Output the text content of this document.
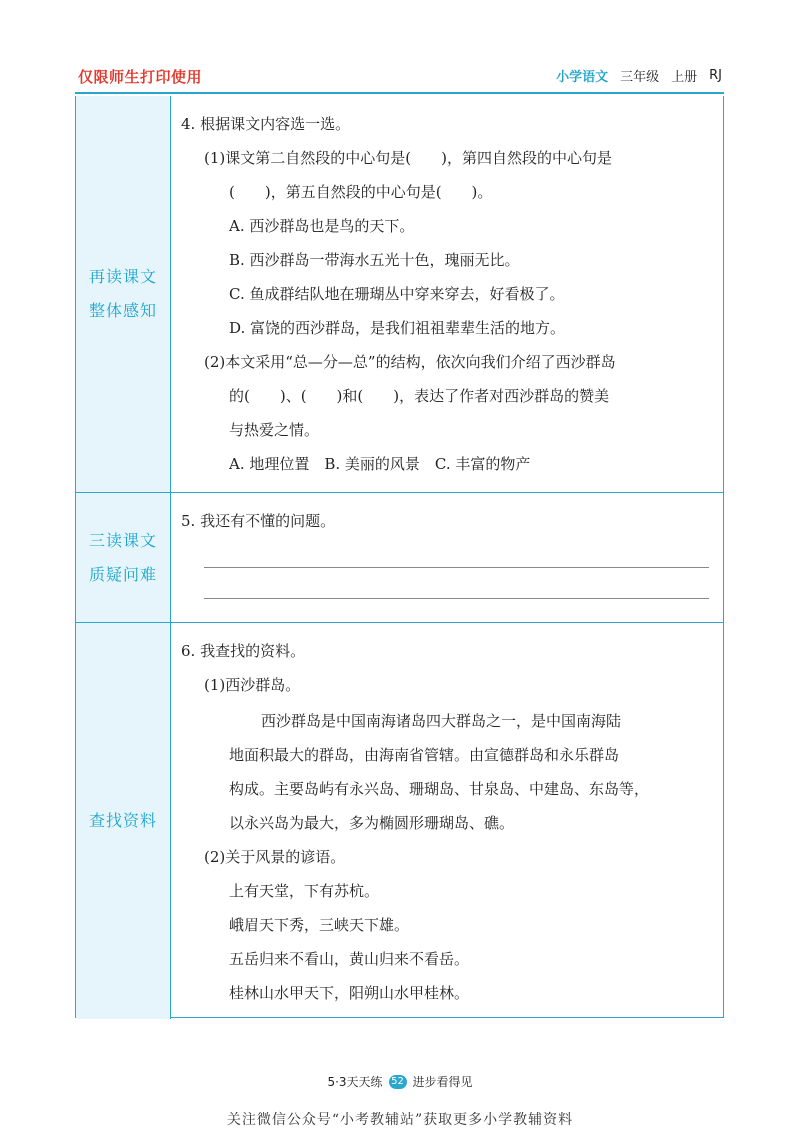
仅限师生打印使用	小学语文 三年级 上册 RJ
再读课文
整体感知
4. 根据课文内容选一选。
(1)课文第二自然段的中心句是(　　)，第四自然段的中心句是
(　　)，第五自然段的中心句是(　　)。
A. 西沙群岛也是鸟的天下。
B. 西沙群岛一带海水五光十色，瑰丽无比。
C. 鱼成群结队地在珊瑚丛中穿来穿去，好看极了。
D. 富饶的西沙群岛，是我们祖祖辈辈生活的地方。
(2)本文采用“总—分—总”的结构，依次向我们介绍了西沙群岛
的(　　)、(　　)和(　　)，表达了作者对西沙群岛的赞美
与热爱之情。
A. 地理位置　B. 美丽的风景　C. 丰富的物产
三读课文
质疑问难
5. 我还有不懂的问题。
查找资料
6. 我查找的资料。
(1)西沙群岛。
西沙群岛是中国南海诸岛四大群岛之一，是中国南海陆
地面积最大的群岛，由海南省管辖。由宣德群岛和永乐群岛
构成。主要岛屿有永兴岛、珊瑚岛、甘泉岛、中建岛、东岛等，
以永兴岛为最大，多为椭圆形珊瑚岛、礁。
(2)关于风景的谚语。
上有天堂，下有苏杭。
峨眉天下秀，三峡天下雄。
五岳归来不看山，黄山归来不看岳。
桂林山水甲天下，阳朔山水甲桂林。
5·3天天练 52 进步看得见
关注微信公众号“小考教辅站”获取更多小学教辅资料
